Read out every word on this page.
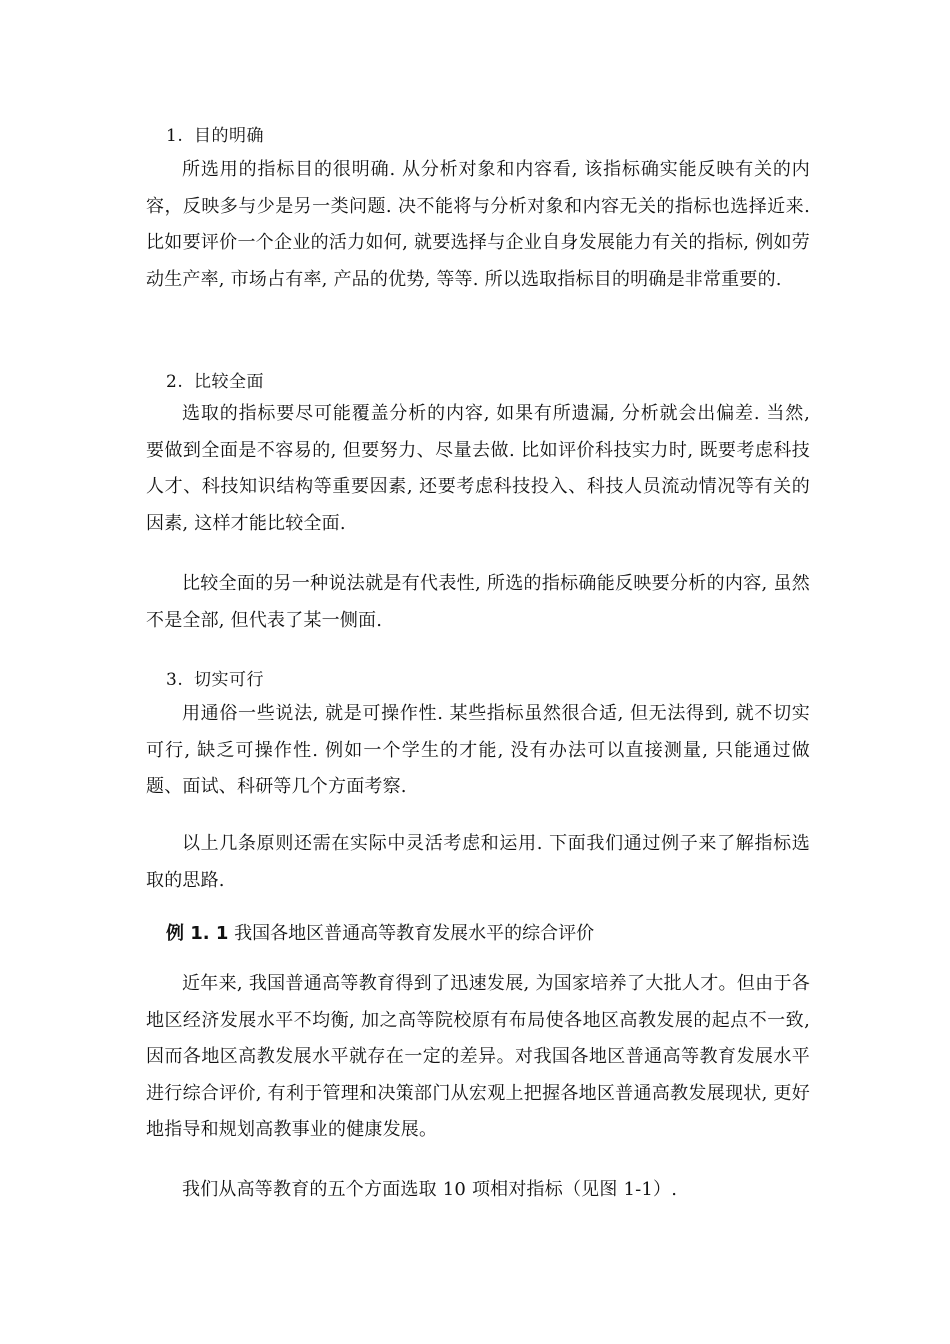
1. 目的明确

所选用的指标目的很明确. 从分析对象和内容看, 该指标确实能反映有关的内容，反映多与少是另一类问题. 决不能将与分析对象和内容无关的指标也选择近来. 比如要评价一个企业的活力如何, 就要选择与企业自身发展能力有关的指标, 例如劳动生产率, 市场占有率, 产品的优势, 等等. 所以选取指标目的明确是非常重要的.

2. 比较全面

选取的指标要尽可能覆盖分析的内容, 如果有所遗漏, 分析就会出偏差. 当然, 要做到全面是不容易的, 但要努力、尽量去做. 比如评价科技实力时, 既要考虑科技人才、科技知识结构等重要因素, 还要考虑科技投入、科技人员流动情况等有关的因素, 这样才能比较全面.

比较全面的另一种说法就是有代表性, 所选的指标确能反映要分析的内容, 虽然不是全部, 但代表了某一侧面.

3. 切实可行

用通俗一些说法, 就是可操作性. 某些指标虽然很合适, 但无法得到, 就不切实可行, 缺乏可操作性. 例如一个学生的才能, 没有办法可以直接测量, 只能通过做题、面试、科研等几个方面考察.

以上几条原则还需在实际中灵活考虑和运用. 下面我们通过例子来了解指标选取的思路.

例 1. 1 我国各地区普通高等教育发展水平的综合评价

近年来, 我国普通高等教育得到了迅速发展, 为国家培养了大批人才。但由于各地区经济发展水平不均衡, 加之高等院校原有布局使各地区高教发展的起点不一致, 因而各地区高教发展水平就存在一定的差异。对我国各地区普通高等教育发展水平进行综合评价, 有利于管理和决策部门从宏观上把握各地区普通高教发展现状, 更好地指导和规划高教事业的健康发展。

我们从高等教育的五个方面选取 10 项相对指标（见图 1-1）.
